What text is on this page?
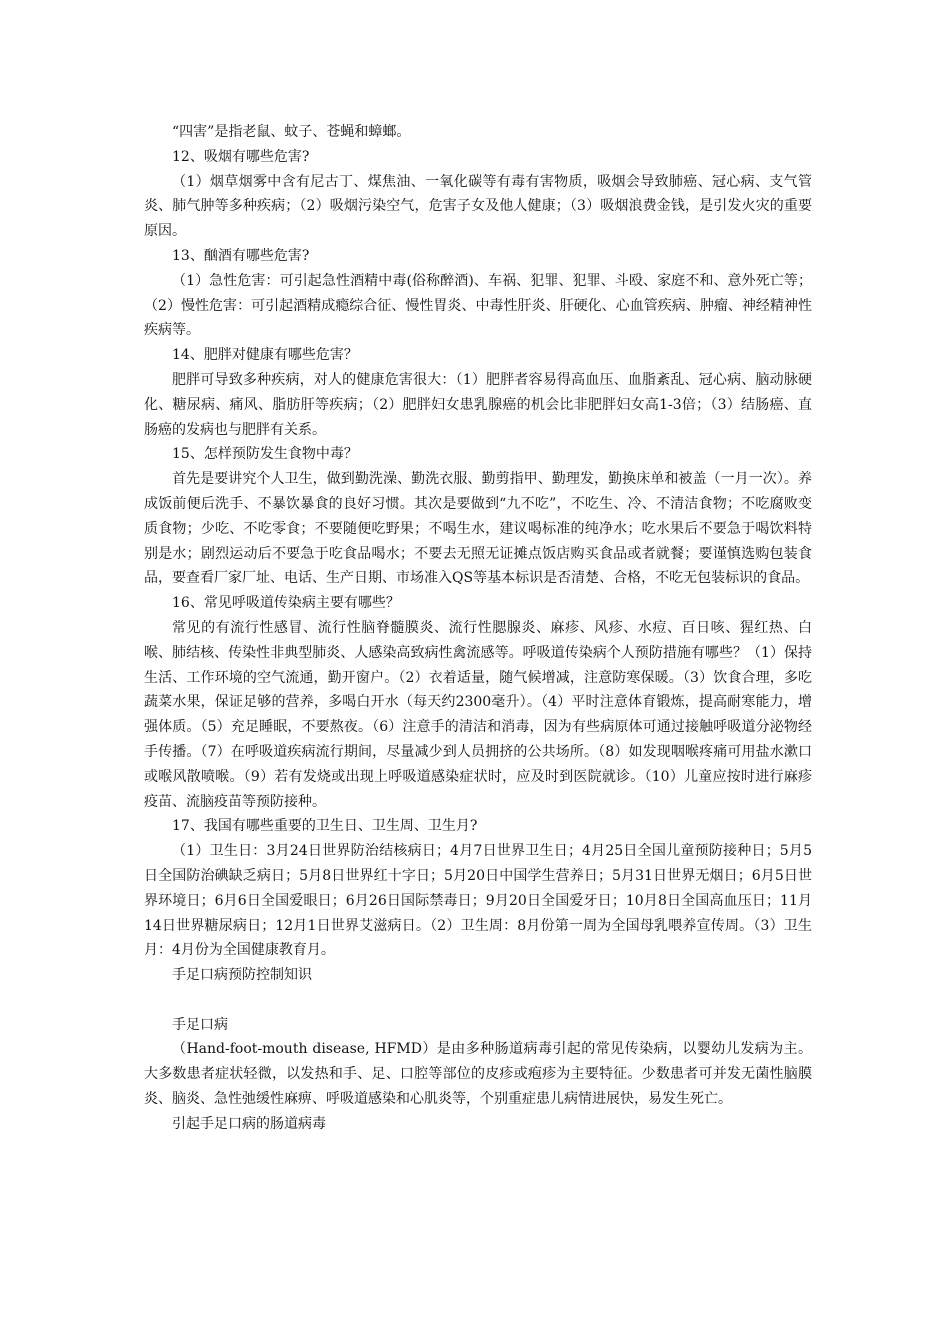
“四害”是指老鼠、蚊子、苍蝇和蟑螂。

12、吸烟有哪些危害?

（1）烟草烟雾中含有尼古丁、煤焦油、一氧化碳等有毒有害物质，吸烟会导致肺癌、冠心病、支气管炎、肺气肿等多种疾病；（2）吸烟污染空气，危害子女及他人健康；（3）吸烟浪费金钱，是引发火灾的重要原因。

13、酗酒有哪些危害?

（1）急性危害：可引起急性酒精中毒(俗称醉酒)、车祸、犯罪、犯罪、斗殴、家庭不和、意外死亡等；（2）慢性危害：可引起酒精成瘾综合征、慢性胃炎、中毒性肝炎、肝硬化、心血管疾病、肿瘤、神经精神性疾病等。

14、肥胖对健康有哪些危害？

肥胖可导致多种疾病，对人的健康危害很大：（1）肥胖者容易得高血压、血脂紊乱、冠心病、脑动脉硬化、糖尿病、痛风、脂肪肝等疾病；（2）肥胖妇女患乳腺癌的机会比非肥胖妇女高1-3倍；（3）结肠癌、直肠癌的发病也与肥胖有关系。

15、怎样预防发生食物中毒？

首先是要讲究个人卫生，做到勤洗澡、勤洗衣服、勤剪指甲、勤理发，勤换床单和被盖（一月一次）。养成饭前便后洗手、不暴饮暴食的良好习惯。其次是要做到“九不吃”，不吃生、冷、不清洁食物；不吃腐败变质食物；少吃、不吃零食；不要随便吃野果；不喝生水，建议喝标准的纯净水；吃水果后不要急于喝饮料特别是水；剧烈运动后不要急于吃食品喝水；不要去无照无证摊点饭店购买食品或者就餐；要谨慎选购包装食品，要查看厂家厂址、电话、生产日期、市场准入QS等基本标识是否清楚、合格，不吃无包装标识的食品。

16、常见呼吸道传染病主要有哪些？

常见的有流行性感冒、流行性脑脊髓膜炎、流行性腮腺炎、麻疹、风疹、水痘、百日咳、猩红热、白喉、肺结核、传染性非典型肺炎、人感染高致病性禽流感等。呼吸道传染病个人预防措施有哪些？（1）保持生活、工作环境的空气流通，勤开窗户。（2）衣着适量，随气候增减，注意防寒保暖。（3）饮食合理，多吃蔬菜水果，保证足够的营养，多喝白开水（每天约2300毫升）。（4）平时注意体育锻炼，提高耐寒能力，增强体质。（5）充足睡眠，不要熬夜。（6）注意手的清洁和消毒，因为有些病原体可通过接触呼吸道分泌物经手传播。（7）在呼吸道疾病流行期间，尽量减少到人员拥挤的公共场所。（8）如发现咽喉疼痛可用盐水漱口或喉风散喷喉。（9）若有发烧或出现上呼吸道感染症状时，应及时到医院就诊。（10）儿童应按时进行麻疹疫苗、流脑疫苗等预防接种。

17、我国有哪些重要的卫生日、卫生周、卫生月?

（1）卫生日：3月24日世界防治结核病日；4月7日世界卫生日；4月25日全国儿童预防接种日；5月5日全国防治碘缺乏病日；5月8日世界红十字日；5月20日中国学生营养日；5月31日世界无烟日；6月5日世界环境日；6月6日全国爱眼日；6月26日国际禁毒日；9月20日全国爱牙日；10月8日全国高血压日；11月14日世界糖尿病日；12月1日世界艾滋病日。（2）卫生周：8月份第一周为全国母乳喂养宣传周。（3）卫生月：4月份为全国健康教育月。

手足口病预防控制知识

手足口病

（Hand-foot-mouth disease, HFMD）是由多种肠道病毒引起的常见传染病，以婴幼儿发病为主。大多数患者症状轻微，以发热和手、足、口腔等部位的皮疹或疱疹为主要特征。少数患者可并发无菌性脑膜炎、脑炎、急性弛缓性麻痹、呼吸道感染和心肌炎等，个别重症患儿病情进展快，易发生死亡。

引起手足口病的肠道病毒
